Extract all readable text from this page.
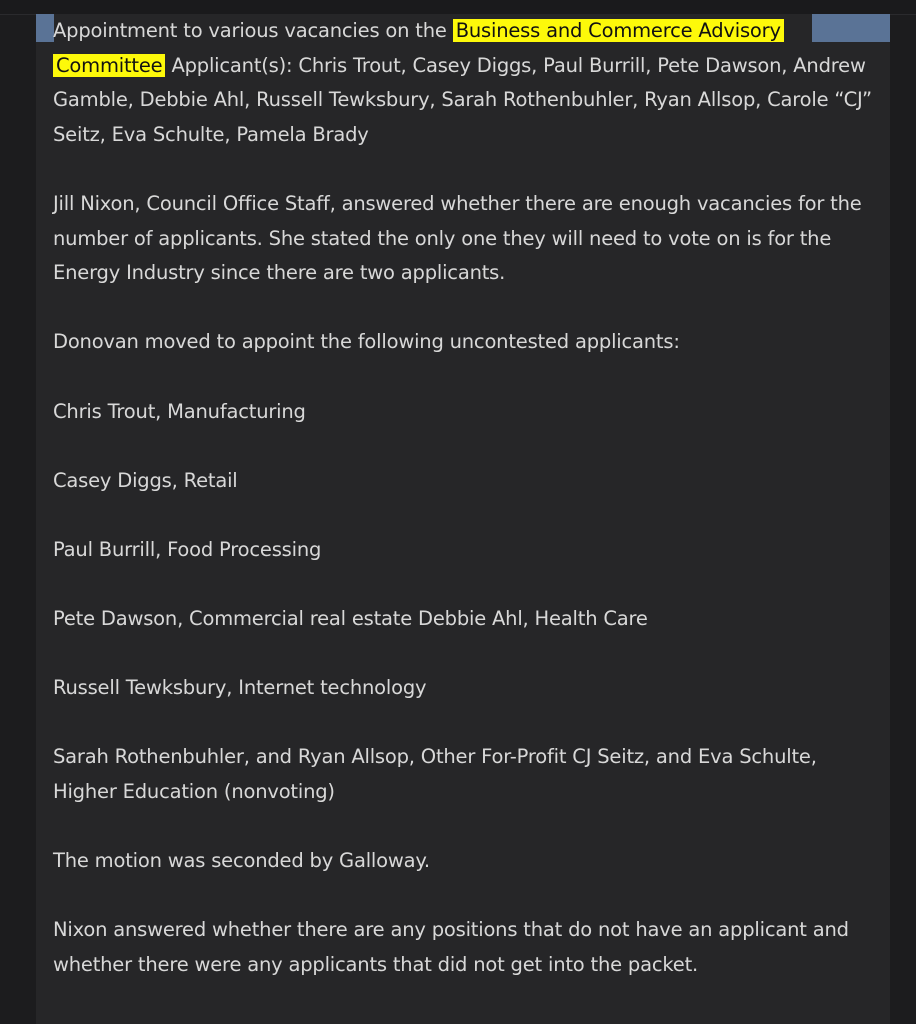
Appointment to various vacancies on the Business and Commerce Advisory
Committee Applicant(s): Chris Trout, Casey Diggs, Paul Burrill, Pete Dawson, Andrew Gamble, Debbie Ahl, Russell Tewksbury, Sarah Rothenbuhler, Ryan Allsop, Carole “CJ” Seitz, Eva Schulte, Pamela Brady

Jill Nixon, Council Office Staff, answered whether there are enough vacancies for the number of applicants. She stated the only one they will need to vote on is for the Energy Industry since there are two applicants.

Donovan moved to appoint the following uncontested applicants:

Chris Trout, Manufacturing

Casey Diggs, Retail

Paul Burrill, Food Processing

Pete Dawson, Commercial real estate Debbie Ahl, Health Care

Russell Tewksbury, Internet technology

Sarah Rothenbuhler, and Ryan Allsop, Other For-Profit CJ Seitz, and Eva Schulte, Higher Education (nonvoting)

The motion was seconded by Galloway.

Nixon answered whether there are any positions that do not have an applicant and whether there were any applicants that did not get into the packet.
